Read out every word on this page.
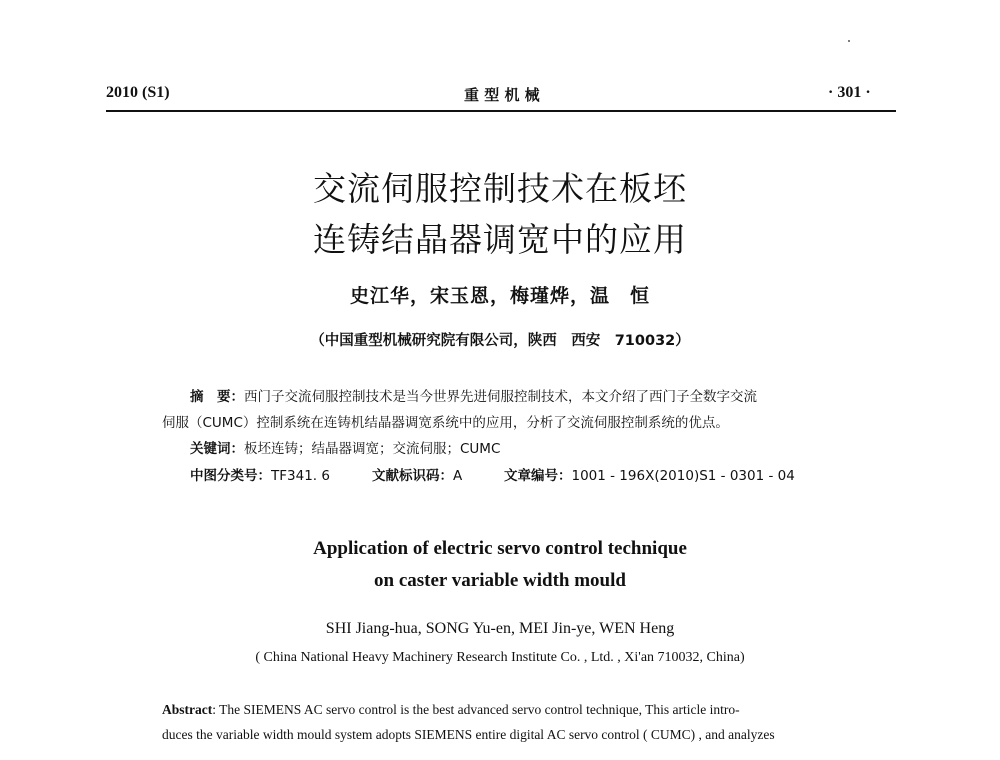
2010 (S1)	重 型 机 械	· 301 ·
交流伺服控制技术在板坯
连铸结晶器调宽中的应用
史江华，宋玉恩，梅瑾烨，温　恒
（中国重型机械研究院有限公司，陕西　西安　710032）
摘　要：西门子交流伺服控制技术是当今世界先进伺服控制技术，本文介绍了西门子全数字交流
伺服（CUMC）控制系统在连铸机结晶器调宽系统中的应用，分析了交流伺服控制系统的优点。
关键词：板坯连铸；结晶器调宽；交流伺服；CUMC
中图分类号：TF341. 6	文献标识码：A	文章编号：1001 - 196X(2010)S1 - 0301 - 04
Application of electric servo control technique
on caster variable width mould
SHI Jiang-hua, SONG Yu-en, MEI Jin-ye, WEN Heng
( China National Heavy Machinery Research Institute Co. , Ltd. , Xi'an 710032, China)
Abstract: The SIEMENS AC servo control is the best advanced servo control technique, This article intro-
duces the variable width mould system adopts SIEMENS entire digital AC servo control ( CUMC) , and analyzes
